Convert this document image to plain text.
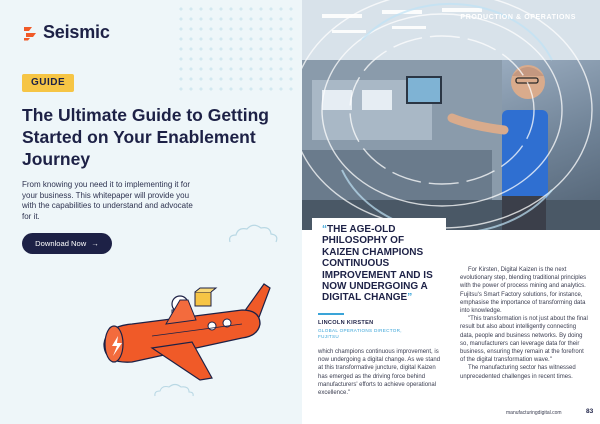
Seismic
GUIDE
The Ultimate Guide to Getting Started on Your Enablement Journey
From knowing you need it to implementing it for your business. This whitepaper will provide you with the capabilities to understand and advocate for it.
Download Now →
PRODUCTION & OPERATIONS
“THE AGE-OLD PHILOSOPHY OF KAIZEN CHAMPIONS CONTINUOUS IMPROVEMENT AND IS NOW UNDERGOING A DIGITAL CHANGE”
LINCOLN KIRSTEN
GLOBAL OPERATIONS DIRECTOR,
FUJITSU
which champions continuous improvement, is now undergoing a digital change. As we stand at this transformative juncture, digital Kaizen has emerged as the driving force behind manufacturers' efforts to achieve operational excellence."

For Kirsten, Digital Kaizen is the next evolutionary step, blending traditional principles with the power of process mining and analytics. Fujitsu's Smart Factory solutions, for instance, emphasise the importance of transforming data into knowledge.

"This transformation is not just about the final result but also about intelligently connecting data, people and business networks. By doing so, manufacturers can leverage data for their business, ensuring they remain at the forefront of the digital transformation wave."

The manufacturing sector has witnessed unprecedented challenges in recent times.

manufacturingdigital.com	83
